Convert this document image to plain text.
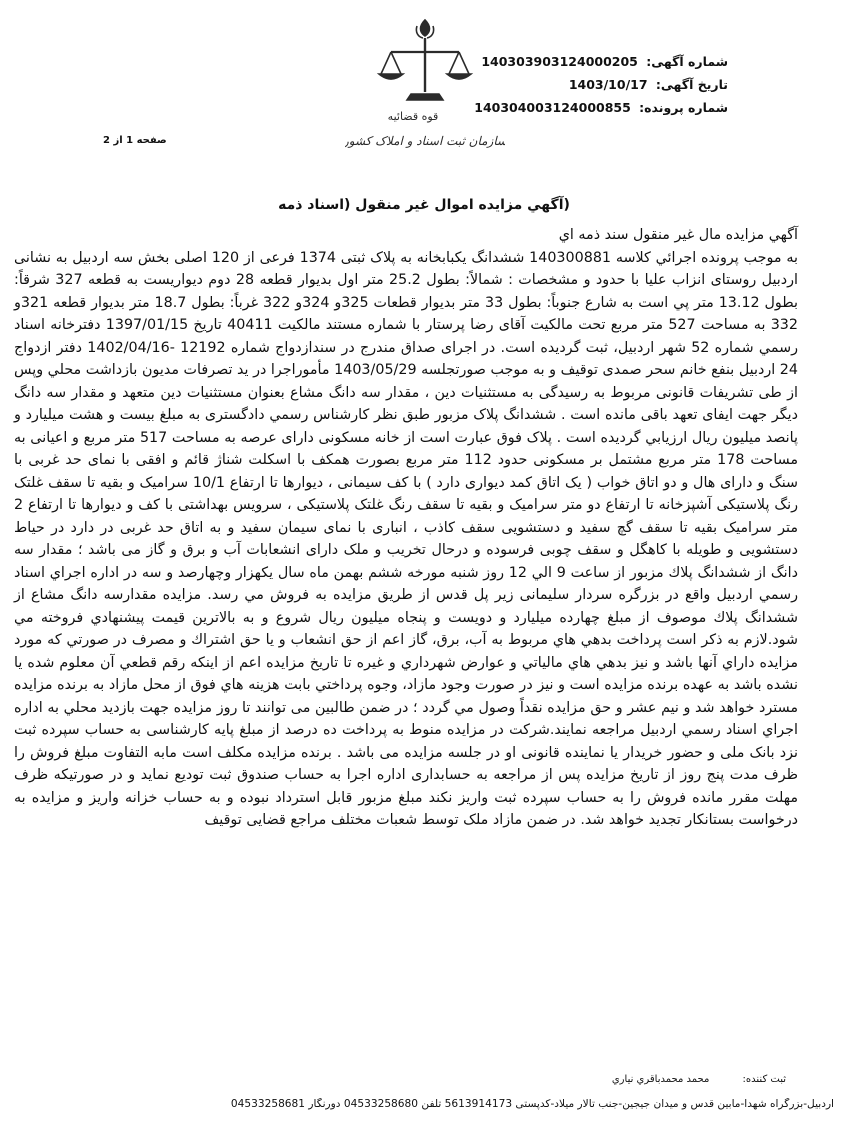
شماره آگهی: 140303903124000205
تاریخ آگهی: 1403/10/17
شماره پرونده: 140304003124000855
قوه قضائیه
سازمان ثبت اسناد و املاک کشور
صفحه 1 از 2
(آگهي مزايده اموال غير منقول (اسناد ذمه

آگهي مزايده مال غير منقول سند ذمه اي

به موجب پرونده اجرائي كلاسه 140300881 ششدانگ یکبابخانه به پلاک ثبتی 1374 فرعی از 120 اصلی بخش سه اردبیل به نشانی اردبیل روستای انزاب علیا با حدود و مشخصات : شمالاً: بطول 25.2 متر اول بدیوار قطعه 28 دوم دیواریست به قطعه 327 شرقاً: بطول 13.12 متر پي است به شارع جنوباً: بطول 33 متر بدیوار قطعات 325و 324و 322 غرباً: بطول 18.7 متر بدیوار قطعه 321و 332 به مساحت 527 متر مربع تحت مالکیت آقای رضا پرستار با شماره مستند مالکیت 40411 تاریخ 1397/01/15 دفترخانه اسناد رسمي شماره 52 شهر اردبیل، ثبت گرديده است. در اجرای صداق مندرج در سندازدواج شماره 12192 -1402/04/16 دفتر ازدواج 24 اردبیل بنفع خانم سحر صمدی توقیف و به موجب صورتجلسه 1403/05/29 مأموراجرا در يد تصرفات مدیون بازداشت محلي وپس از طی تشریفات قانونی مربوط به رسیدگی به مستثنیات دین ، مقدار سه دانگ مشاع بعنوان مستثنیات دین متعهد و مقدار سه دانگ دیگر جهت ایفای تعهد باقی مانده است . ششدانگ پلاک مزبور طبق نظر کارشناس رسمي دادگستری به مبلغ بیست و هشت میلیارد و پانصد میلیون ریال ارزيابي گرديده است . پلاک فوق عبارت است از خانه مسکونی دارای عرصه به مساحت 517 متر مربع و اعیانی به مساحت 178 متر مربع مشتمل بر مسکونی حدود 112 متر مربع بصورت همکف با اسکلت شناژ قائم و افقی با نمای حد غربی با سنگ و دارای هال و دو اتاق خواب ( یک اتاق کمد دیواری دارد ) با کف سیمانی ، دیوارها تا ارتفاع 10/1 سرامیک و بقیه تا سقف غلتک رنگ پلاستیکی آشپزخانه تا ارتفاع دو متر سرامیک و بقیه تا سقف رنگ غلتک پلاستیکی ، سرویس بهداشتی با کف و دیوارها تا ارتفاع 2 متر سرامیک بقیه تا سقف گچ سفید و دستشویی سقف کاذب ، انباری با نمای سیمان سفید و به اتاق حد غربی در دارد در حیاط دستشویی و طویله با کاهگل و سقف چوبی فرسوده و درحال تخریب و ملک دارای انشعابات آب و برق و گاز می باشد ؛ مقدار سه دانگ از ششدانگ پلاك مزبور از ساعت 9 الي 12 روز شنبه مورخه ششم بهمن ماه سال یکهزار وچهارصد و سه در اداره اجراي اسناد رسمي اردبيل واقع در بزرگره سردار سلیمانی زیر پل قدس از طريق مزايده به فروش مي رسد. مزايده مقدارسه دانگ مشاع از ششدانگ پلاك موصوف از مبلغ چهارده میلیارد و دویست و پنجاه میلیون ريال شروع و به بالاترين قيمت پيشنهادي فروخته مي شود.لازم به ذكر است پرداخت بدهي هاي مربوط به آب، برق، گاز اعم از حق انشعاب و يا حق اشتراك و مصرف در صورتي كه مورد مزايده داراي آنها باشد و نيز بدهي هاي مالياتي و عوارض شهرداري و غيره تا تاريخ مزايده اعم از اينكه رقم قطعي آن معلوم شده يا نشده باشد به عهده برنده مزايده است و نيز در صورت وجود مازاد، وجوه پرداختي بابت هزينه هاي فوق از محل مازاد به برنده مزايده مسترد خواهد شد و نیم عشر و حق مزایده نقداً وصول مي گردد ؛ در ضمن طالبین می توانند تا روز مزایده جهت بازديد محلي به اداره اجراي اسناد رسمي اردبیل مراجعه نمايند.شرکت در مزایده منوط به پرداخت ده درصد از مبلغ پایه کارشناسی به حساب سپرده ثبت نزد بانک ملی و حضور خریدار یا نماینده قانونی او در جلسه مزایده می باشد . برنده مزایده مکلف است مابه التفاوت مبلغ فروش را ظرف مدت پنج روز از تاریخ مزایده پس از مراجعه به حسابداری اداره اجرا به حساب صندوق ثبت توديع نماید و در صورتیکه ظرف مهلت مقرر مانده فروش را به حساب سپرده ثبت واریز نکند مبلغ مزبور قابل استرداد نبوده و به حساب خزانه واریز و مزایده به درخواست بستانکار تجدید خواهد شد. در ضمن مازاد ملک توسط شعبات مختلف مراجع قضایی توقیف

ثبت كننده: محمد محمدباقري نياري
اردبیل-بزرگراه شهدا-مابین قدس و میدان جیجین-جنب تالار میلاد-کدپستی 5613914173 تلفن 04533258680 دورنگار 04533258681
